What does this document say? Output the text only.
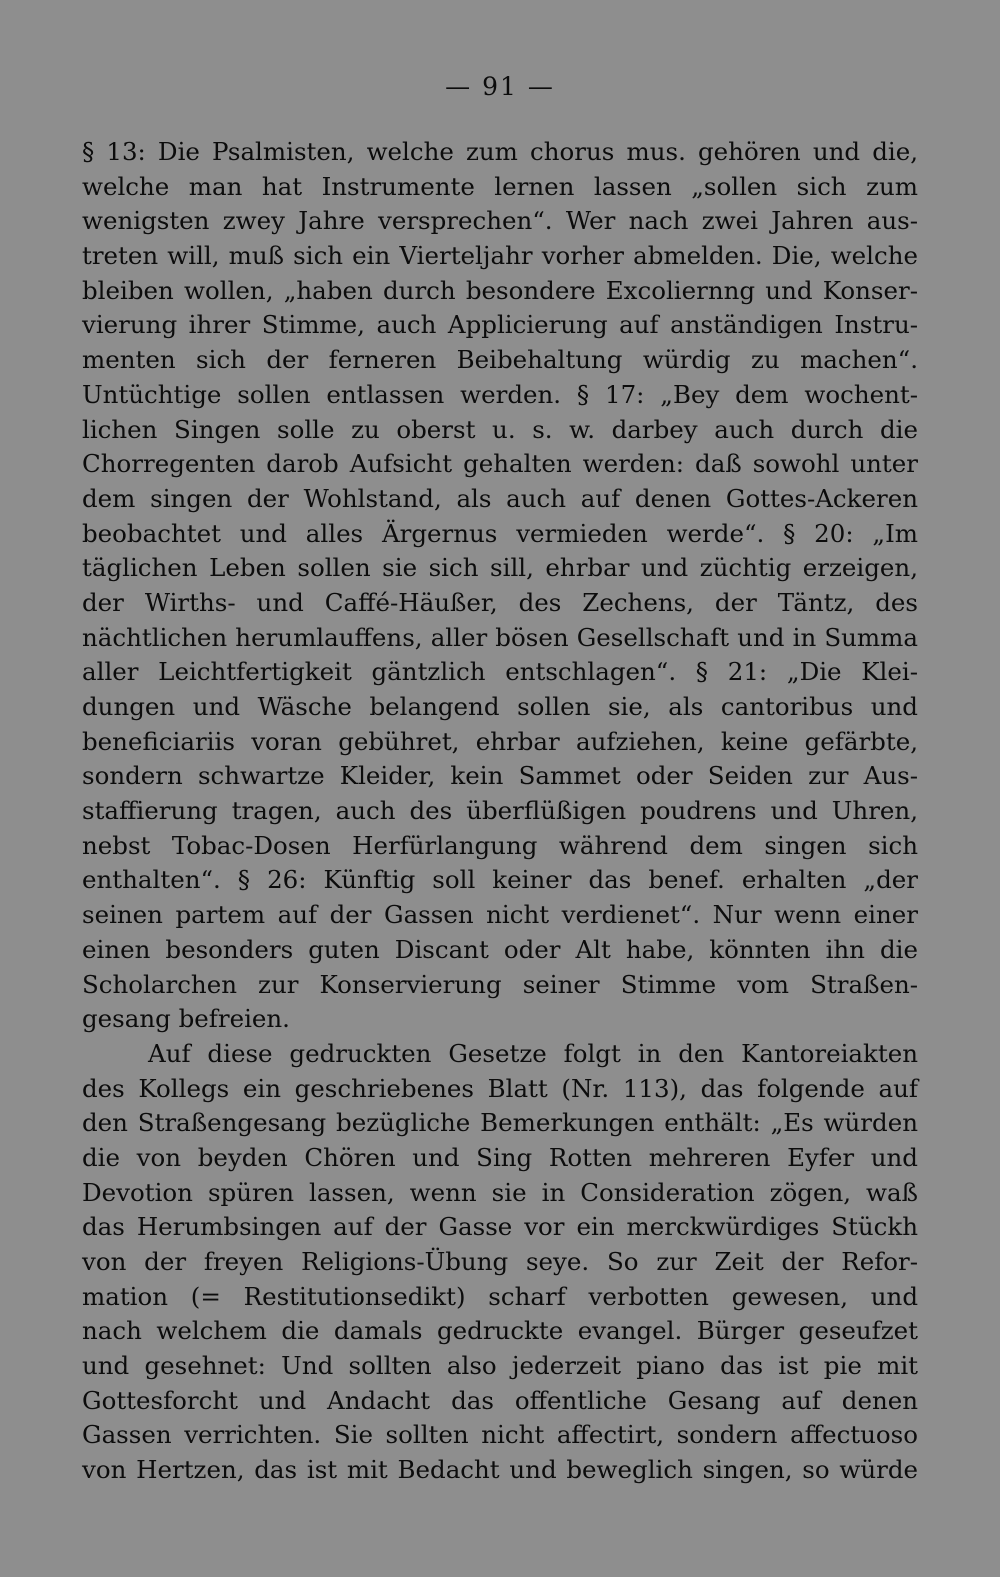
— 91 —
§ 13: Die Psalmisten, welche zum chorus mus. gehören und die,
welche man hat Instrumente lernen lassen „sollen sich zum
wenigsten zwey Jahre versprechen“. Wer nach zwei Jahren aus-
treten will, muß sich ein Vierteljahr vorher abmelden. Die, welche
bleiben wollen, „haben durch besondere Excoliernng und Konser-
vierung ihrer Stimme, auch Applicierung auf anständigen Instru-
menten sich der ferneren Beibehaltung würdig zu machen“.
Untüchtige sollen entlassen werden. § 17: „Bey dem wochent-
lichen Singen solle zu oberst u. s. w. darbey auch durch die
Chorregenten darob Aufsicht gehalten werden: daß sowohl unter
dem singen der Wohlstand, als auch auf denen Gottes-Ackeren
beobachtet und alles Ärgernus vermieden werde“. § 20: „Im
täglichen Leben sollen sie sich sill, ehrbar und züchtig erzeigen,
der Wirths- und Caffé-Häußer, des Zechens, der Täntz, des
nächtlichen herumlauffens, aller bösen Gesellschaft und in Summa
aller Leichtfertigkeit gäntzlich entschlagen“. § 21: „Die Klei-
dungen und Wäsche belangend sollen sie, als cantoribus und
beneficiariis voran gebühret, ehrbar aufziehen, keine gefärbte,
sondern schwartze Kleider, kein Sammet oder Seiden zur Aus-
staffierung tragen, auch des überflüßigen poudrens und Uhren,
nebst Tobac-Dosen Herfürlangung während dem singen sich
enthalten“. § 26: Künftig soll keiner das benef. erhalten „der
seinen partem auf der Gassen nicht verdienet“. Nur wenn einer
einen besonders guten Discant oder Alt habe, könnten ihn die
Scholarchen zur Konservierung seiner Stimme vom Straßen-
gesang befreien.
Auf diese gedruckten Gesetze folgt in den Kantoreiakten
des Kollegs ein geschriebenes Blatt (Nr. 113), das folgende auf
den Straßengesang bezügliche Bemerkungen enthält: „Es würden
die von beyden Chören und Sing Rotten mehreren Eyfer und
Devotion spüren lassen, wenn sie in Consideration zögen, waß
das Herumbsingen auf der Gasse vor ein merckwürdiges Stückh
von der freyen Religions-Übung seye. So zur Zeit der Refor-
mation (= Restitutionsedikt) scharf verbotten gewesen, und
nach welchem die damals gedruckte evangel. Bürger geseufzet
und gesehnet: Und sollten also jederzeit piano das ist pie mit
Gottesforcht und Andacht das offentliche Gesang auf denen
Gassen verrichten. Sie sollten nicht affectirt, sondern affectuoso
von Hertzen, das ist mit Bedacht und beweglich singen, so würde
